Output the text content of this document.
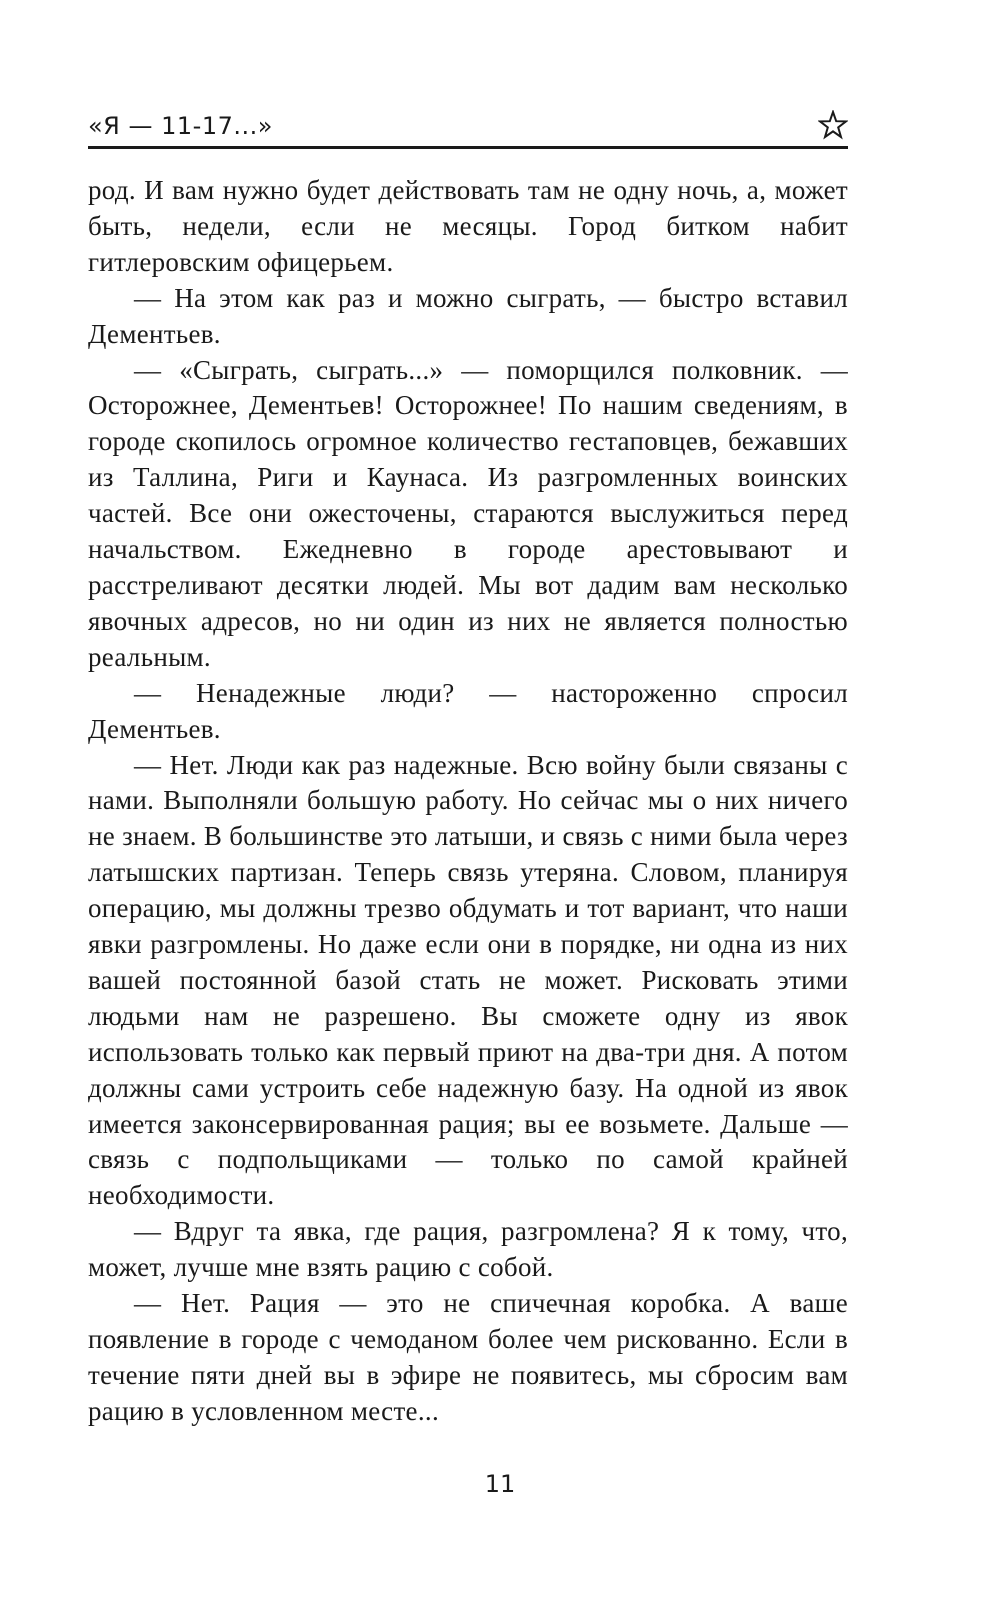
«Я — 11-17...»

род. И вам нужно будет действовать там не одну ночь, а, может быть, недели, если не месяцы. Город битком набит гитлеровским офицерьем.

— На этом как раз и можно сыграть, — быстро вставил Дементьев.

— «Сыграть, сыграть...» — поморщился полковник. — Осторожнее, Дементьев! Осторожнее! По нашим сведениям, в городе скопилось огромное количество гестаповцев, бежавших из Таллина, Риги и Каунаса. Из разгромленных воинских частей. Все они ожесточены, стараются выслужиться перед начальством. Ежедневно в городе арестовывают и расстреливают десятки людей. Мы вот дадим вам несколько явочных адресов, но ни один из них не является полностью реальным.

— Ненадежные люди? — настороженно спросил Дементьев.

— Нет. Люди как раз надежные. Всю войну были связаны с нами. Выполняли большую работу. Но сейчас мы о них ничего не знаем. В большинстве это латыши, и связь с ними была через латышских партизан. Теперь связь утеряна. Словом, планируя операцию, мы должны трезво обдумать и тот вариант, что наши явки разгромлены. Но даже если они в порядке, ни одна из них вашей постоянной базой стать не может. Рисковать этими людьми нам не разрешено. Вы сможете одну из явок использовать только как первый приют на два-три дня. А потом должны сами устроить себе надежную базу. На одной из явок имеется законсервированная рация; вы ее возьмете. Дальше — связь с подпольщиками — только по самой крайней необходимости.

— Вдруг та явка, где рация, разгромлена? Я к тому, что, может, лучше мне взять рацию с собой.

— Нет. Рация — это не спичечная коробка. А ваше появление в городе с чемоданом более чем рискованно. Если в течение пяти дней вы в эфире не появитесь, мы сбросим вам рацию в условленном месте...

11
